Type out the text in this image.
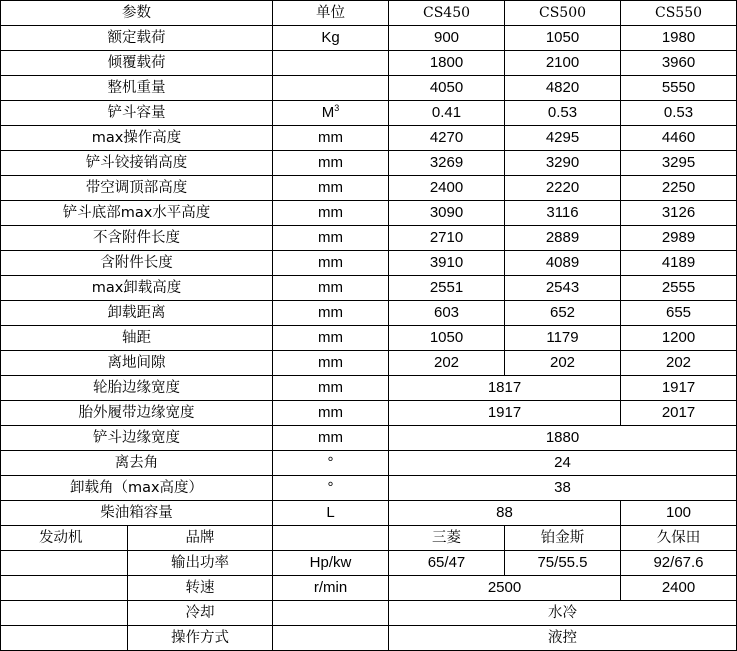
参数		单位	CS450	CS500	CS550
额定载荷		Kg	900	1050	1980
倾覆载荷			1800	2100	3960
整机重量			4050	4820	5550
铲斗容量		$M^3$	0.41	0.53	0.53
max操作高度		mm	4270	4295	4460
铲斗铰接销高度		mm	3269	3290	3295
带空调顶部高度		mm	2400	2220	2250
铲斗底部max水平高度		mm	3090	3116	3126
不含附件长度		mm	2710	2889	2989
含附件长度		mm	3910	4089	4189
max卸载高度		mm	2551	2543	2555
卸载距离		mm	603	652	655
轴距		mm	1050	1179	1200
离地间隙		mm	202	202	202
轮胎边缘宽度		mm	1817		1917
胎外履带边缘宽度		mm	1917		2017
铲斗边缘宽度		mm	1880		
离去角		°	24		
卸载角（max高度）		°	38		
柴油箱容量		L	88		100
发动机	品牌		三菱	铂金斯	久保田
	输出功率	Hp/kw	65/47	75/55.5	92/67.6
	转速	r/min	2500		2400
	冷却		水冷		
	操作方式		液控		
